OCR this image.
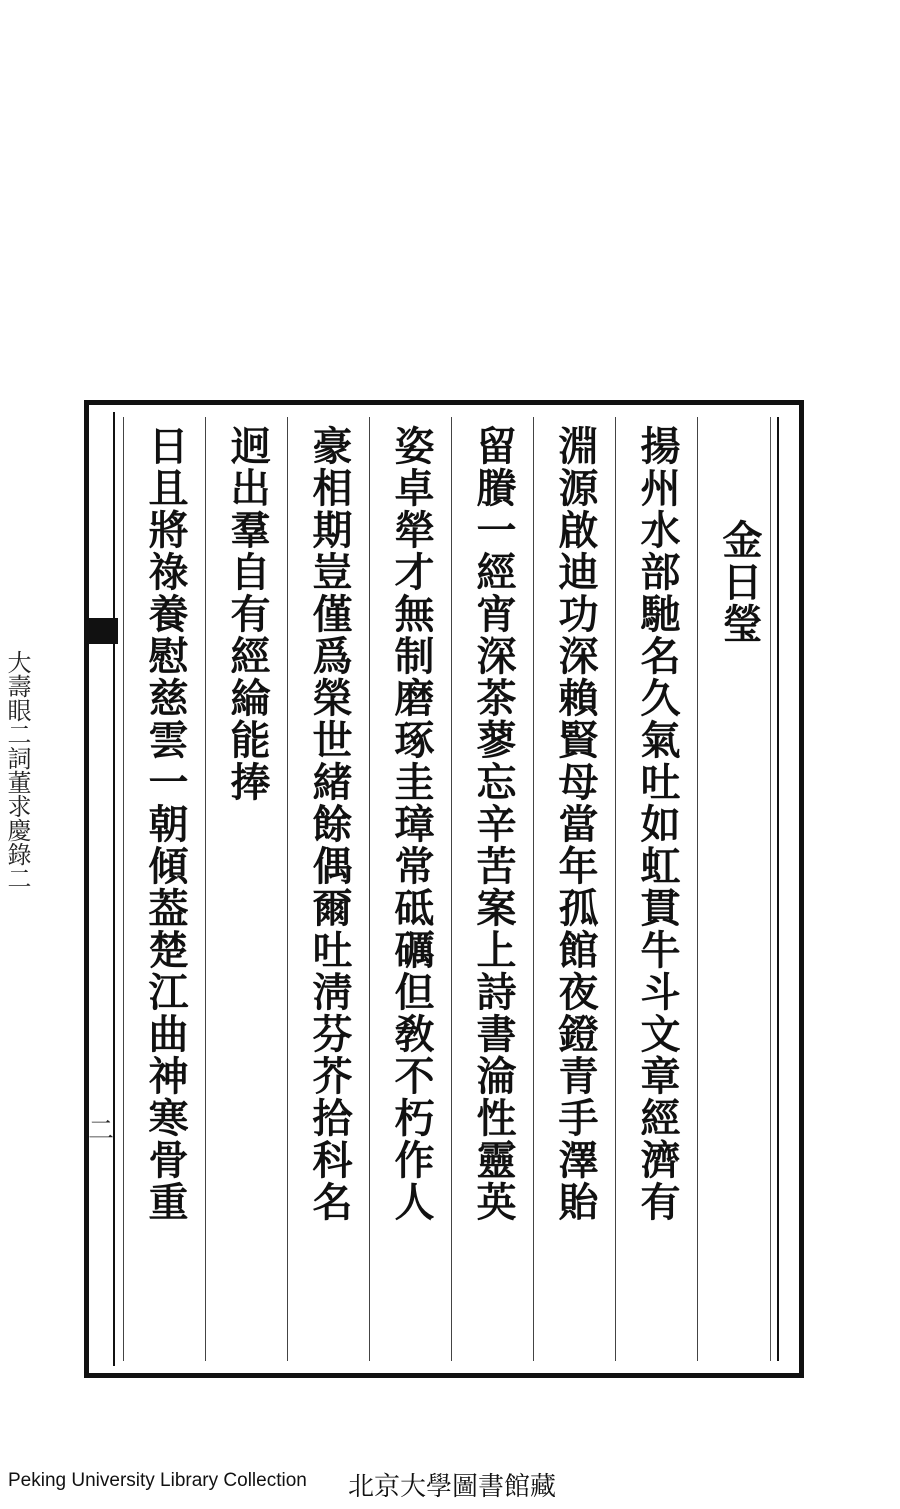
金日瑩
揚州水部馳名久氣吐如虹貫牛斗文章經濟有
淵源啟迪功深賴賢母當年孤館夜鐙青手澤貽
留賸一經宵深茶蓼忘辛苦案上詩書淪性靈英
姿卓犖才無制磨琢圭璋常砥礪但敎不朽作人
豪相期豈僅爲榮世緒餘偶爾吐淸芬芥拾科名
迥出羣自有經綸能捧
日且將祿養慰慈雲一朝傾葢楚江曲神寒骨重
大壽眼二詞董求慶錄二
二
Peking University Library Collection 北京大學圖書館藏
